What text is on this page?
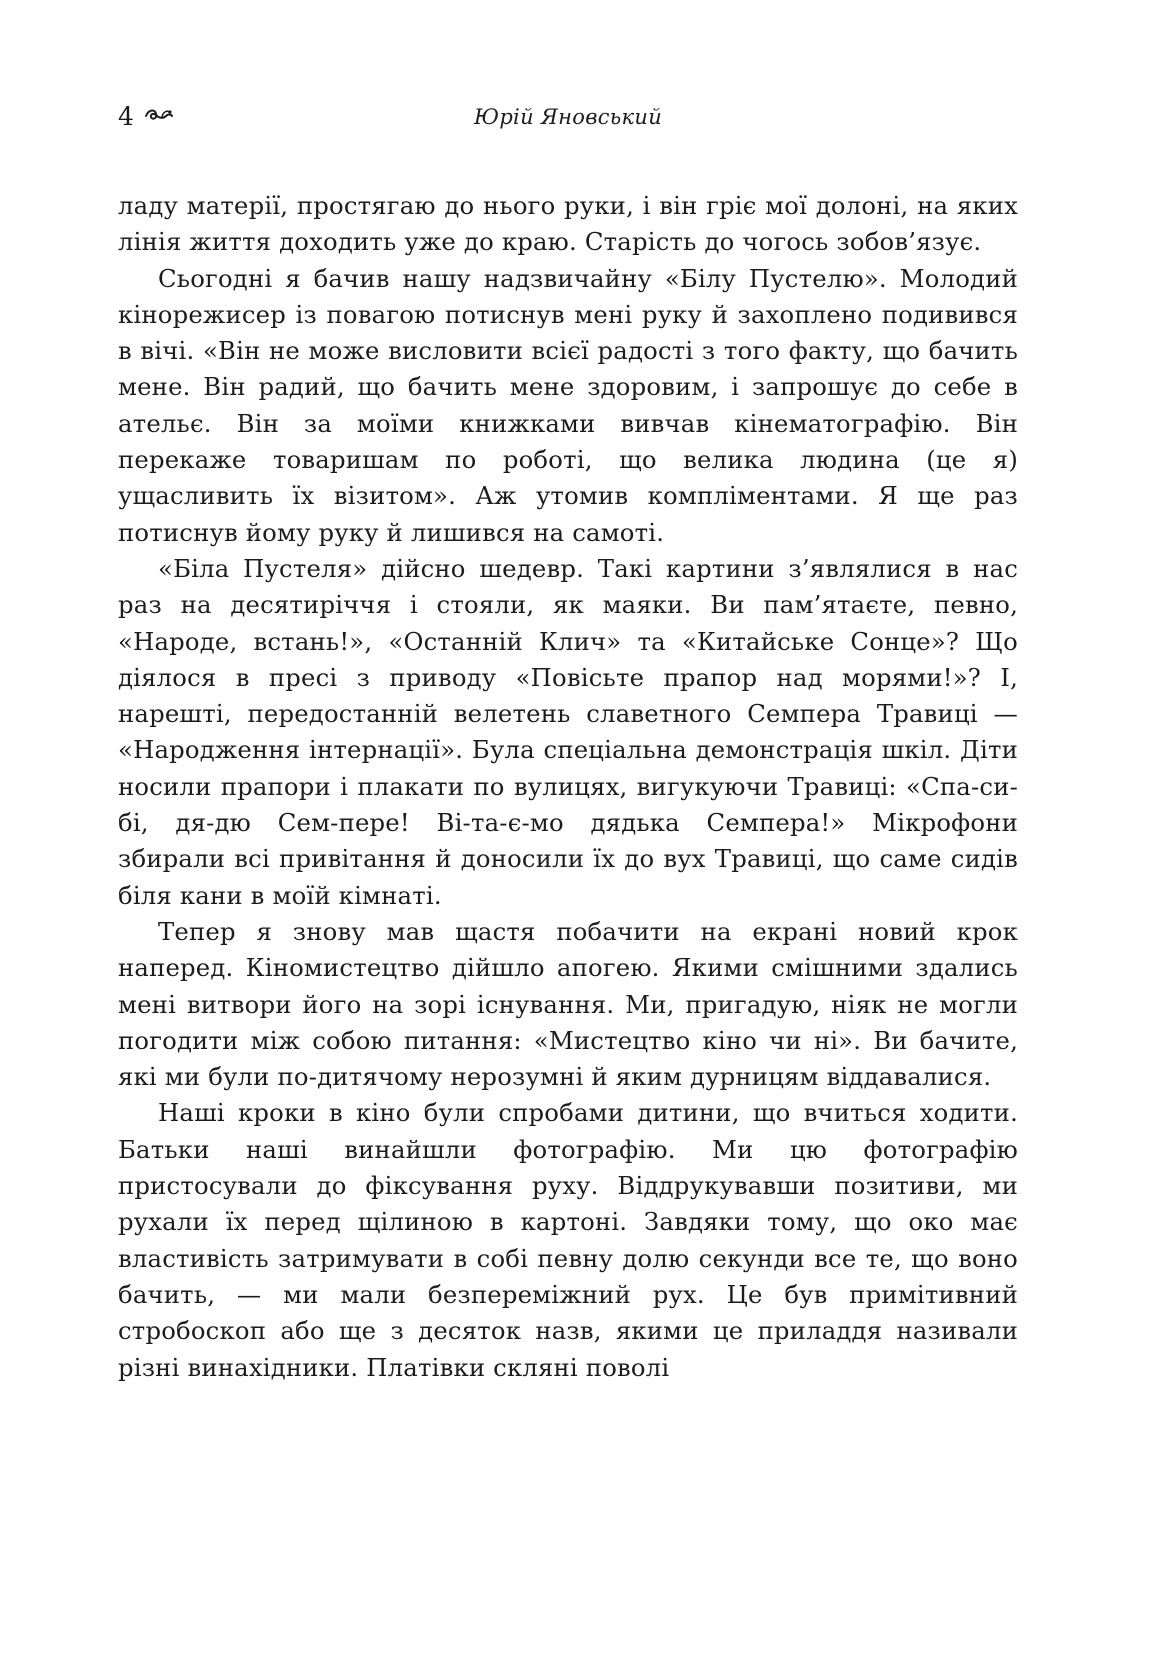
4	Юрій Яновський

ладу матерії, простягаю до нього руки, і він гріє мої долоні, на яких лінія життя доходить уже до краю. Старість до чогось зобов’язує.

Сьогодні я бачив нашу надзвичайну «Білу Пустелю». Молодий кінорежисер із повагою потиснув мені руку й захоплено подивився в вічі. «Він не може висловити всієї радості з того факту, що бачить мене. Він радий, що бачить мене здоровим, і запрошує до себе в ательє. Він за моїми книжками вивчав кінематографію. Він перекаже товаришам по роботі, що велика людина (це я) ущасливить їх візитом». Аж утомив компліментами. Я ще раз потиснув йому руку й лишився на самоті.

«Біла Пустеля» дійсно шедевр. Такі картини з’являлися в нас раз на десятиріччя і стояли, як маяки. Ви пам’ятаєте, певно, «Народе, встань!», «Останній Клич» та «Китайське Сонце»? Що діялося в пресі з приводу «Повісьте прапор над морями!»? І, нарешті, передостанній велетень славетного Семпера Травиці — «Народження інтернації». Була спеціальна демонстрація шкіл. Діти носили прапори і плакати по вулицях, вигукуючи Травиці: «Спа-си-бі, дя-дю Сем-пере! Ві-та-є-мо дядька Семпера!» Мікрофони збирали всі привітання й доносили їх до вух Травиці, що саме сидів біля кани в моїй кімнаті.

Тепер я знову мав щастя побачити на екрані новий крок наперед. Кіномистецтво дійшло апогею. Якими смішними здались мені витвори його на зорі існування. Ми, пригадую, ніяк не могли погодити між собою питання: «Мистецтво кіно чи ні». Ви бачите, які ми були по-дитячому нерозумні й яким дурницям віддавалися.

Наші кроки в кіно були спробами дитини, що вчиться ходити. Батьки наші винайшли фотографію. Ми цю фотографію пристосували до фіксування руху. Віддрукувавши позитиви, ми рухали їх перед щілиною в картоні. Завдяки тому, що око має властивість затримувати в собі певну долю секунди все те, що воно бачить, — ми мали безпереміжний рух. Це був примітивний стробоскоп або ще з десяток назв, якими це приладдя називали різні винахідники. Платівки скляні поволі
